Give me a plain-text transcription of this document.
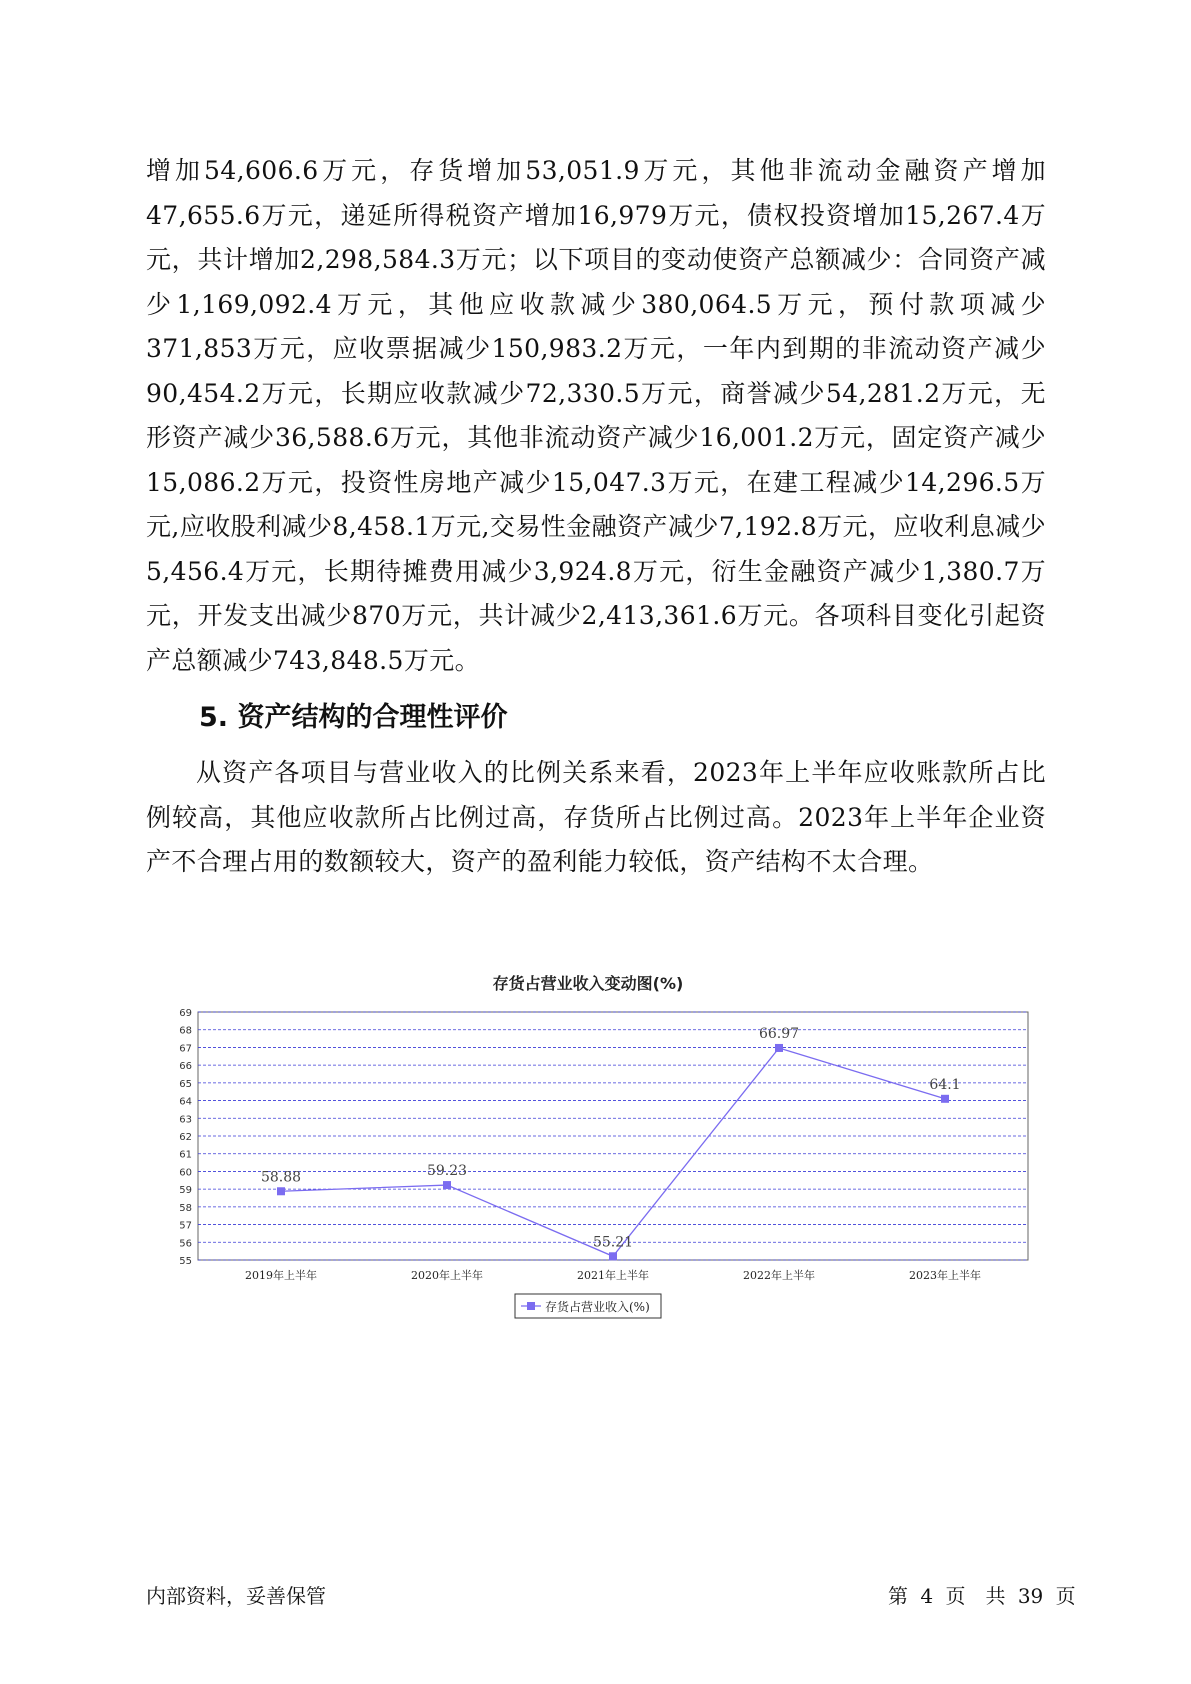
增加54,606.6万元，存货增加53,051.9万元，其他非流动金融资产增加47,655.6万元，递延所得税资产增加16,979万元，债权投资增加15,267.4万元，共计增加2,298,584.3万元；以下项目的变动使资产总额减少：合同资产减少1,169,092.4万元，其他应收款减少380,064.5万元，预付款项减少371,853万元，应收票据减少150,983.2万元，一年内到期的非流动资产减少90,454.2万元，长期应收款减少72,330.5万元，商誉减少54,281.2万元，无形资产减少36,588.6万元，其他非流动资产减少16,001.2万元，固定资产减少15,086.2万元，投资性房地产减少15,047.3万元，在建工程减少14,296.5万元,应收股利减少8,458.1万元,交易性金融资产减少7,192.8万元，应收利息减少5,456.4万元，长期待摊费用减少3,924.8万元，衍生金融资产减少1,380.7万元，开发支出减少870万元，共计减少2,413,361.6万元。各项科目变化引起资产总额减少743,848.5万元。
5. 资产结构的合理性评价
从资产各项目与营业收入的比例关系来看，2023年上半年应收账款所占比例较高，其他应收款所占比例过高，存货所占比例过高。2023年上半年企业资产不合理占用的数额较大，资产的盈利能力较低，资产结构不太合理。
存货占营业收入变动图(%)
55
56
57
58
59
60
61
62
63
64
65
66
67
68
69
2019年上半年	2020年上半年	2021年上半年	2022年上半年	2023年上半年
58.88	59.23
55.21
66.97
64.1
存货占营业收入(%)
内部资料，妥善保管	第 4 页　共 39 页
